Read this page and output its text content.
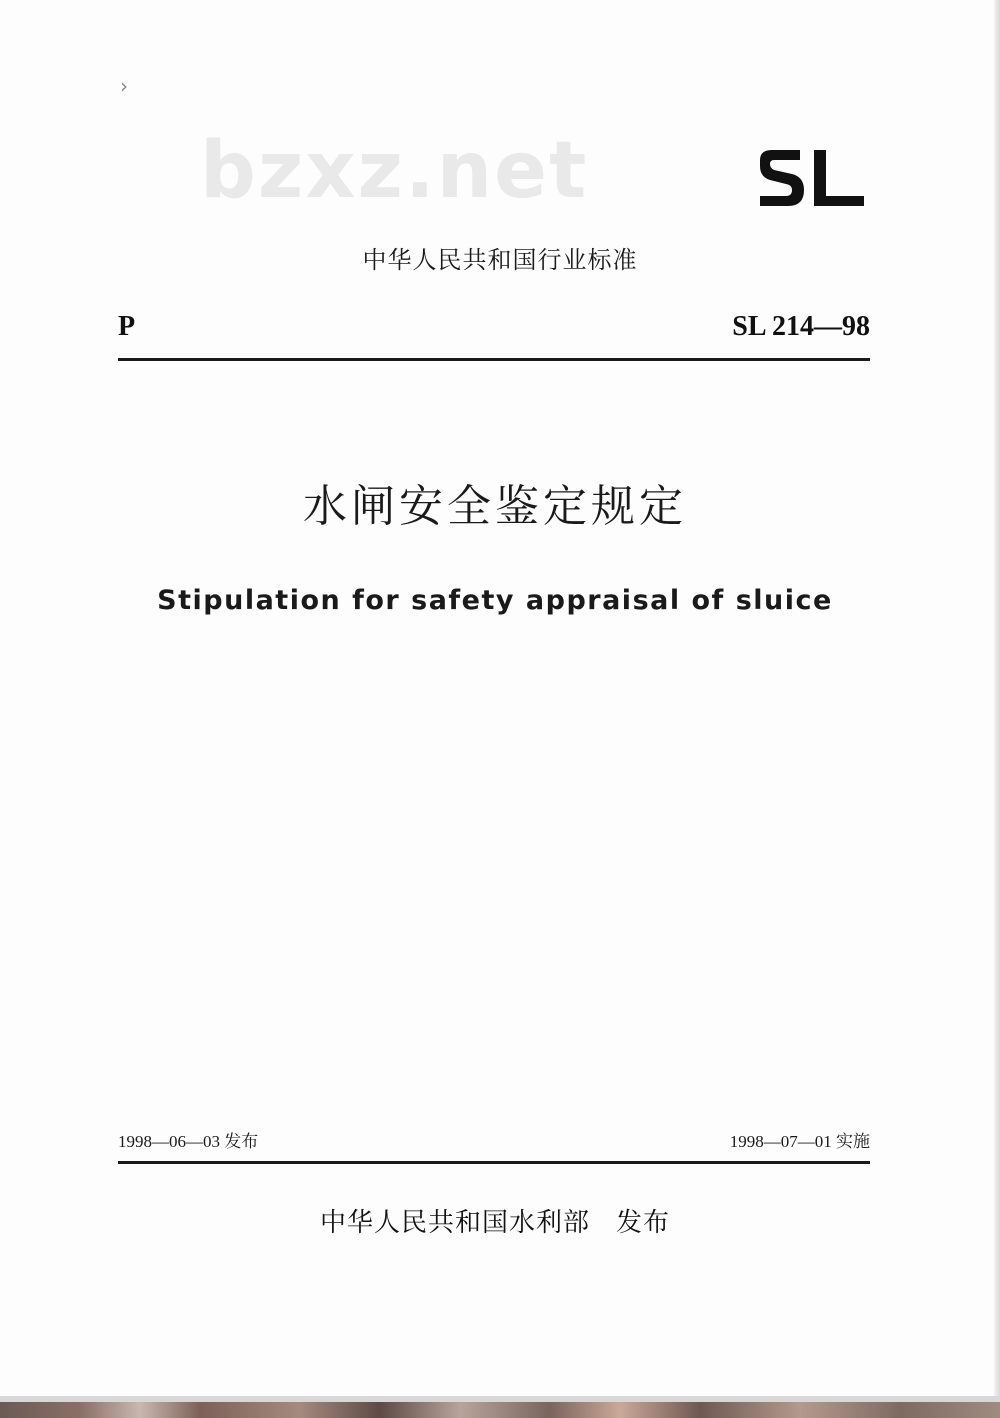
›
bzxz.net
中华人民共和国行业标准
P	SL 214—98
水闸安全鉴定规定
Stipulation for safety appraisal of sluice
1998—06—03 发布	1998—07—01 实施
中华人民共和国水利部 发布
